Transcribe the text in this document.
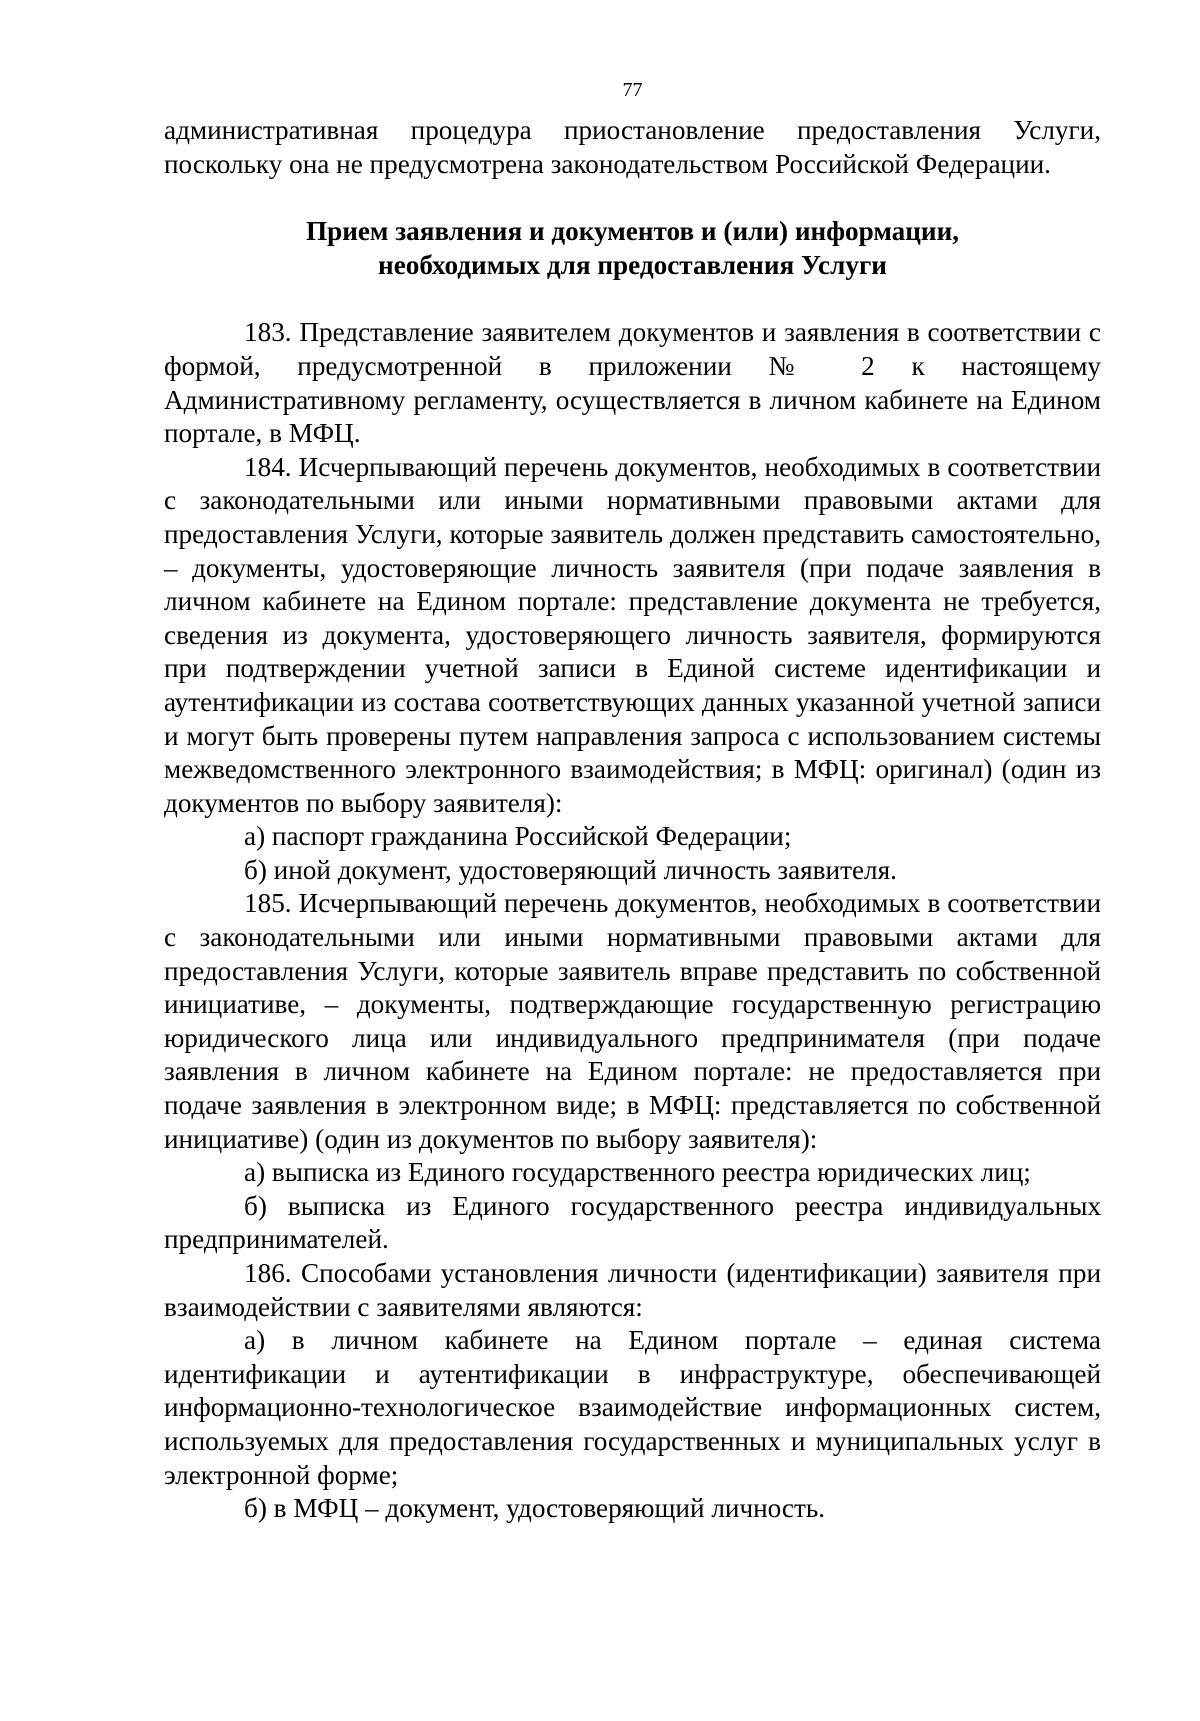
77

административная процедура приостановление предоставления Услуги, поскольку она не предусмотрена законодательством Российской Федерации.

Прием заявления и документов и (или) информации,
необходимых для предоставления Услуги

183. Представление заявителем документов и заявления в соответствии с формой, предусмотренной в приложении № 2 к настоящему Административному регламенту, осуществляется в личном кабинете на Едином портале, в МФЦ.

184. Исчерпывающий перечень документов, необходимых в соответствии с законодательными или иными нормативными правовыми актами для предоставления Услуги, которые заявитель должен представить самостоятельно, – документы, удостоверяющие личность заявителя (при подаче заявления в личном кабинете на Едином портале: представление документа не требуется, сведения из документа, удостоверяющего личность заявителя, формируются при подтверждении учетной записи в Единой системе идентификации и аутентификации из состава соответствующих данных указанной учетной записи и могут быть проверены путем направления запроса с использованием системы межведомственного электронного взаимодействия; в МФЦ: оригинал) (один из документов по выбору заявителя):

а) паспорт гражданина Российской Федерации;

б) иной документ, удостоверяющий личность заявителя.

185. Исчерпывающий перечень документов, необходимых в соответствии с законодательными или иными нормативными правовыми актами для предоставления Услуги, которые заявитель вправе представить по собственной инициативе, – документы, подтверждающие государственную регистрацию юридического лица или индивидуального предпринимателя (при подаче заявления в личном кабинете на Едином портале: не предоставляется при подаче заявления в электронном виде; в МФЦ: представляется по собственной инициативе) (один из документов по выбору заявителя):

а) выписка из Единого государственного реестра юридических лиц;

б) выписка из Единого государственного реестра индивидуальных предпринимателей.

186. Способами установления личности (идентификации) заявителя при взаимодействии с заявителями являются:

а) в личном кабинете на Едином портале – единая система идентификации и аутентификации в инфраструктуре, обеспечивающей информационно-технологическое взаимодействие информационных систем, используемых для предоставления государственных и муниципальных услуг в электронной форме;

б) в МФЦ – документ, удостоверяющий личность.
